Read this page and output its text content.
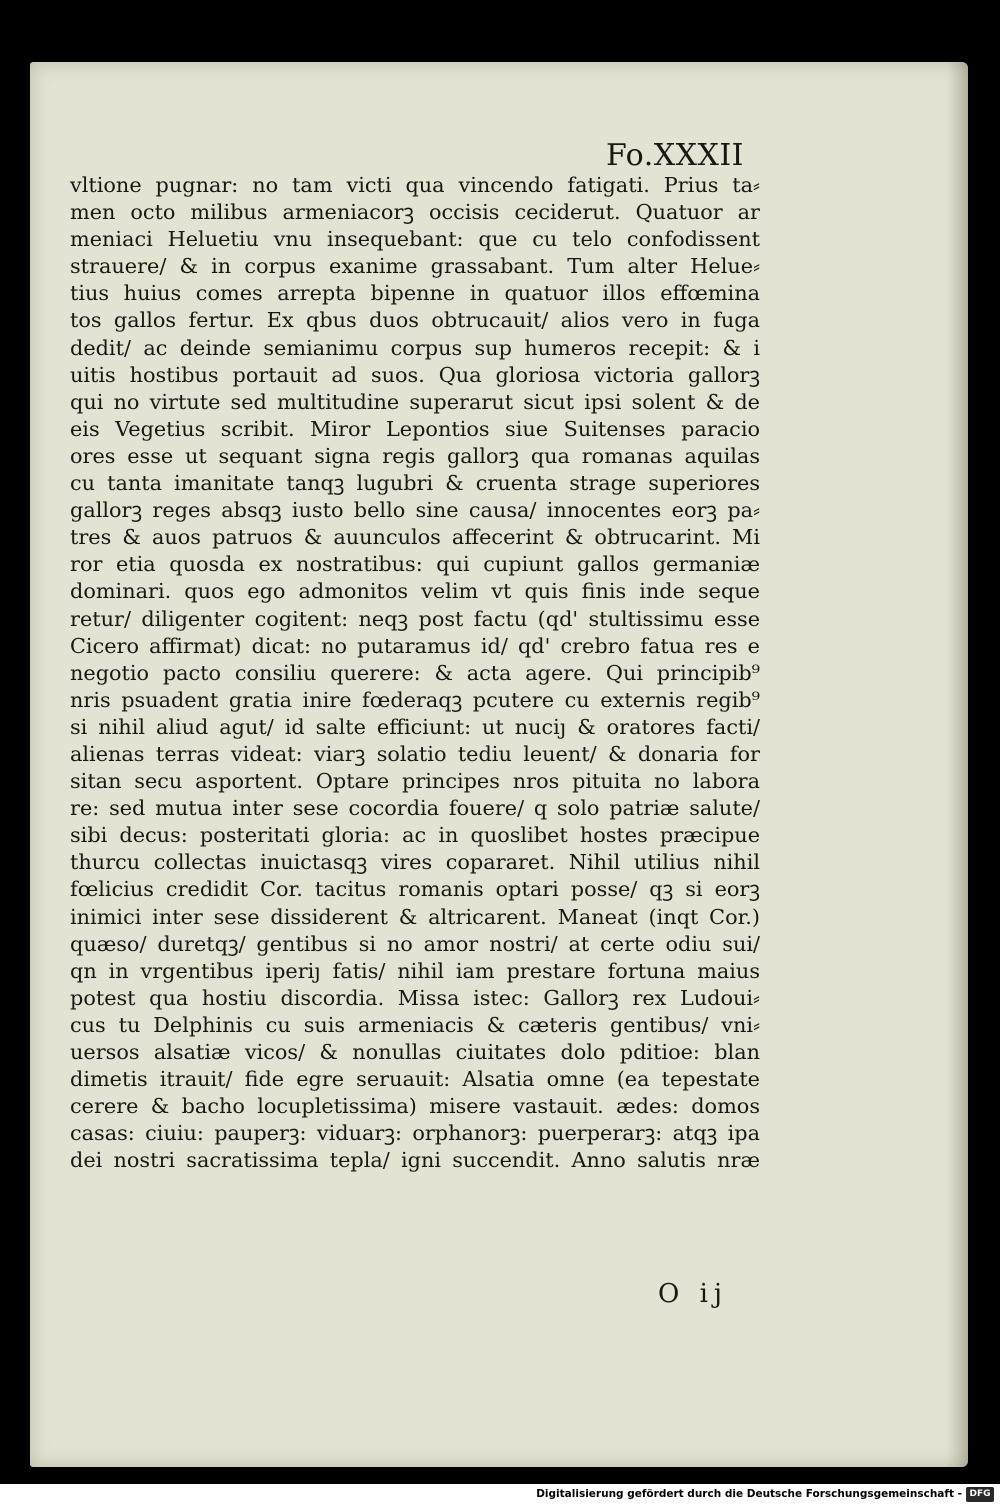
Fo.XXXII
vltione pugnar: no tam victi qua vincendo fatigati. Prius ta⸗
men octo milibus armeniacorꝫ occisis ceciderut. Quatuor ar
meniaci Heluetiu vnu insequebant: que cu telo confodissent
strauere/ & in corpus exanime grassabant. Tum alter Helue⸗
tius huius comes arrepta bipenne in quatuor illos effœmina
tos gallos fertur. Ex qbus duos obtrucauit/ alios vero in fuga
dedit/ ac deinde semianimu corpus sup humeros recepit: & i
uitis hostibus portauit ad suos. Qua gloriosa victoria gallorꝫ
qui no virtute sed multitudine superarut sicut ipsi solent & de
eis Vegetius scribit. Miror Lepontios siue Suitenses paracio
ores esse ut sequant signa regis gallorꝫ qua romanas aquilas
cu tanta imanitate tanqꝫ lugubri & cruenta strage superiores
gallorꝫ reges absqꝫ iusto bello sine causa/ innocentes eorꝫ pa⸗
tres & auos patruos & auunculos affecerint & obtrucarint. Mi
ror etia quosda ex nostratibus: qui cupiunt gallos germaniæ
dominari. quos ego admonitos velim vt quis finis inde seque
retur/ diligenter cogitent: neqꝫ post factu (qd' stultissimu esse
Cicero affirmat) dicat: no putaramus id/ qd' crebro fatua res e
negotio pacto consiliu querere: & acta agere. Qui principib⁹
nris psuadent gratia inire fœderaqꝫ pcutere cu externis regib⁹
si nihil aliud agut/ id salte efficiunt: ut nuciȷ & oratores facti/
alienas terras videat: viarꝫ solatio tediu leuent/ & donaria for
sitan secu asportent. Optare principes nros pituita no labora
re: sed mutua inter sese cocordia fouere/ q solo patriæ salute/
sibi decus: posteritati gloria: ac in quoslibet hostes præcipue
thurcu collectas inuictasqꝫ vires copararet. Nihil utilius nihil
fœlicius credidit Cor. tacitus romanis optari posse/ qꝫ si eorꝫ
inimici inter sese dissiderent & altricarent. Maneat (inqt Cor.)
quæso/ duretqꝫ/ gentibus si no amor nostri/ at certe odiu sui/
qn in vrgentibus iperiȷ fatis/ nihil iam prestare fortuna maius
potest qua hostiu discordia. Missa istec: Gallorꝫ rex Ludoui⸗
cus tu Delphinis cu suis armeniacis & cæteris gentibus/ vni⸗
uersos alsatiæ vicos/ & nonullas ciuitates dolo pditioe: blan
dimetis itrauit/ fide egre seruauit: Alsatia omne (ea tepestate
cerere & bacho locupletissima) misere vastauit. ædes: domos
casas: ciuiu: pauperꝫ: viduarꝫ: orphanorꝫ: puerperarꝫ: atqꝫ ipa
dei nostri sacratissima tepla/ igni succendit. Anno salutis nræ
O ij
Digitalisierung gefördert durch die Deutsche Forschungsgemeinschaft - DFG
